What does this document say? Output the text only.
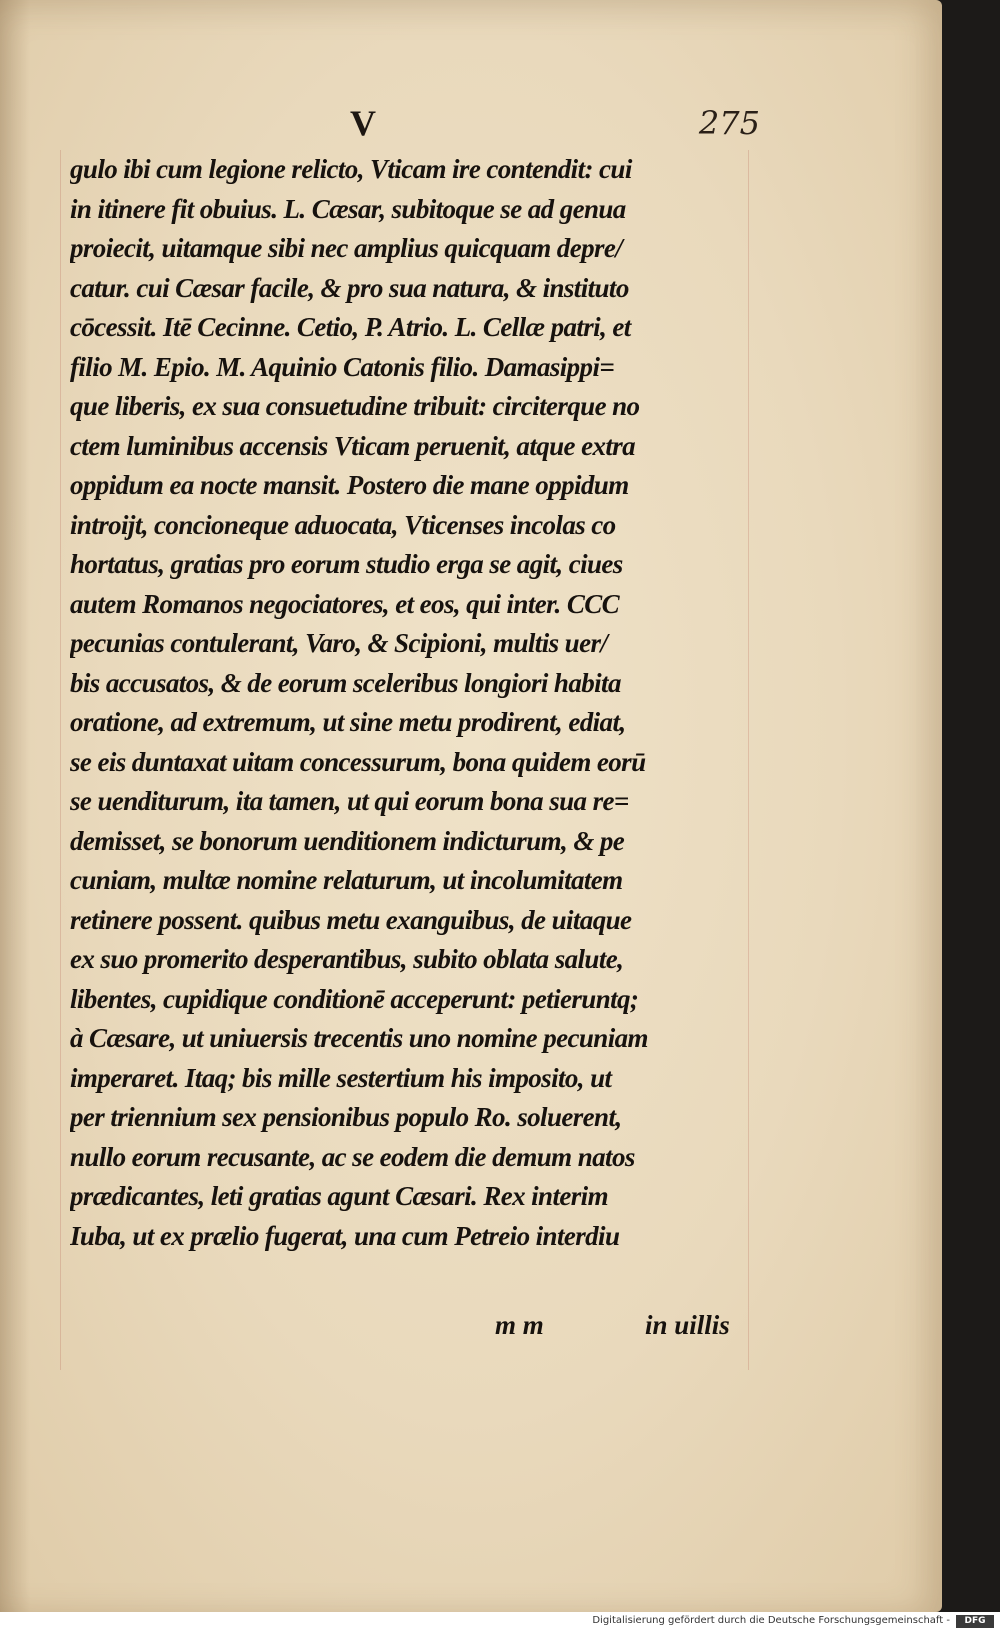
V	275
gulo ibi cum legione relicto, Vticam ire contendit: cui
in itinere fit obuius. L. Cæsar, subitoque se ad genua
proiecit, uitamque sibi nec amplius quicquam depre/
catur. cui Cæsar facile, & pro sua natura, & instituto
cōcessit. Itē Cecinne. Cetio, P. Atrio. L. Cellæ patri, et
filio M. Epio. M. Aquinio Catonis filio. Damasippi=
que liberis, ex sua consuetudine tribuit: circiterque no
ctem luminibus accensis Vticam peruenit, atque extra
oppidum ea nocte mansit. Postero die mane oppidum
introijt, concioneque aduocata, Vticenses incolas co
hortatus, gratias pro eorum studio erga se agit, ciues
autem Romanos negociatores, et eos, qui inter. CCC
pecunias contulerant, Varo, & Scipioni, multis uer/
bis accusatos, & de eorum sceleribus longiori habita
oratione, ad extremum, ut sine metu prodirent, ediat,
se eis duntaxat uitam concessurum, bona quidem eorū
se uenditurum, ita tamen, ut qui eorum bona sua re=
demisset, se bonorum uenditionem indicturum, & pe
cuniam, multæ nomine relaturum, ut incolumitatem
retinere possent. quibus metu exanguibus, de uitaque
ex suo promerito desperantibus, subito oblata salute,
libentes, cupidique conditionē acceperunt: petieruntq;
à Cæsare, ut uniuersis trecentis uno nomine pecuniam
imperaret. Itaq; bis mille sestertium his imposito, ut
per triennium sex pensionibus populo Ro. soluerent,
nullo eorum recusante, ac se eodem die demum natos
prædicantes, leti gratias agunt Cæsari. Rex interim
Iuba, ut ex prælio fugerat, una cum Petreio interdiu
m m	in uillis
Digitalisierung gefördert durch die Deutsche Forschungsgemeinschaft -	DFG
